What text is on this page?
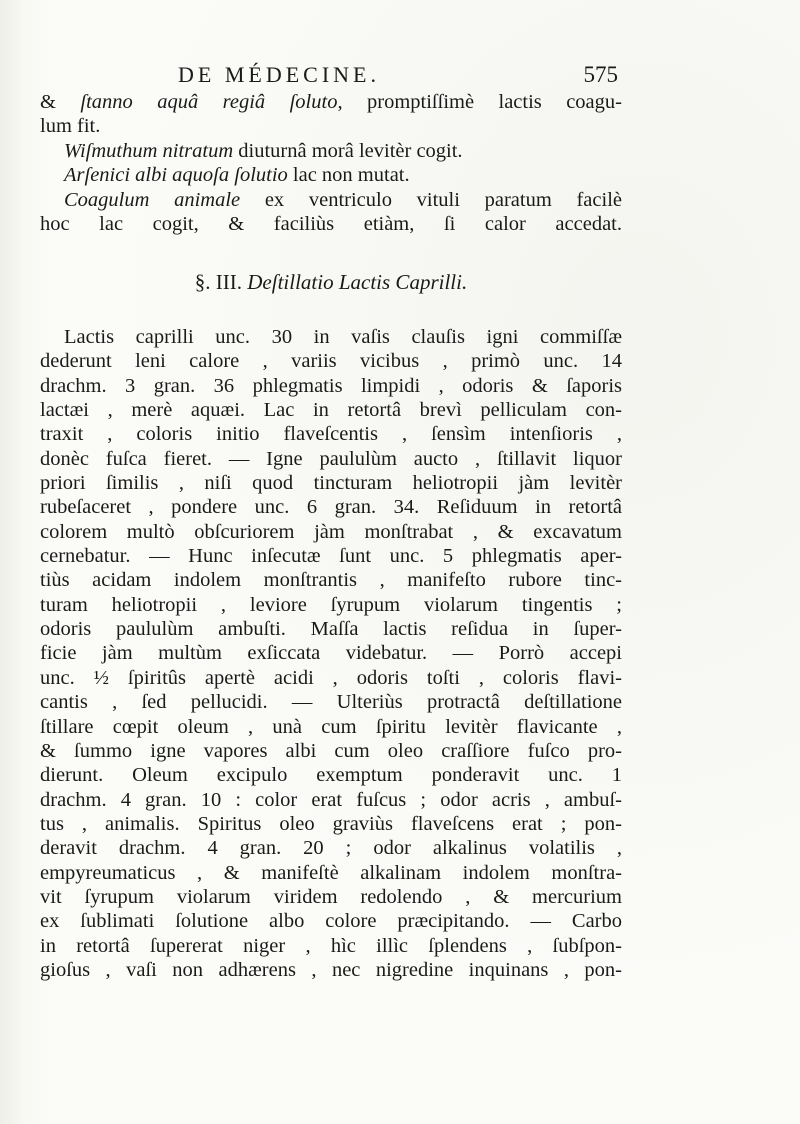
DE MÉDECINE.	575
& ſtanno aquâ regiâ ſoluto, promptiſſimè lactis coagu-
lum fit.
Wiſmuthum nitratum diuturnâ morâ levitèr cogit.
Arſenici albi aquoſa ſolutio lac non mutat.
Coagulum animale ex ventriculo vituli paratum facilè
hoc lac cogit, & faciliùs etiàm, ſi calor accedat.
§. III. Deſtillatio Lactis Caprilli.
Lactis caprilli unc. 30 in vaſis clauſis igni commiſſæ
dederunt leni calore , variis vicibus , primò unc. 14
drachm. 3 gran. 36 phlegmatis limpidi , odoris & ſaporis
lactæi , merè aquæi. Lac in retortâ brevì pelliculam con-
traxit , coloris initio flaveſcentis , ſensìm intenſioris ,
donèc fuſca fieret. — Igne paululùm aucto , ſtillavit liquor
priori ſimilis , niſi quod tincturam heliotropii jàm levitèr
rubeſaceret , pondere unc. 6 gran. 34. Reſiduum in retortâ
colorem multò obſcuriorem jàm monſtrabat , & excavatum
cernebatur. — Hunc inſecutæ ſunt unc. 5 phlegmatis aper-
tiùs acidam indolem monſtrantis , manifeſto rubore tinc-
turam heliotropii , leviore ſyrupum violarum tingentis ;
odoris paululùm ambuſti. Maſſa lactis reſidua in ſuper-
ficie jàm multùm exſiccata videbatur. — Porrò accepi
unc. ½ ſpiritûs apertè acidi , odoris toſti , coloris flavi-
cantis , ſed pellucidi. — Ulteriùs protractâ deſtillatione
ſtillare cœpit oleum , unà cum ſpiritu levitèr flavicante ,
& ſummo igne vapores albi cum oleo craſſiore fuſco pro-
dierunt. Oleum excipulo exemptum ponderavit unc. 1
drachm. 4 gran. 10 : color erat fuſcus ; odor acris , ambuſ-
tus , animalis. Spiritus oleo graviùs flaveſcens erat ; pon-
deravit drachm. 4 gran. 20 ; odor alkalinus volatilis ,
empyreumaticus , & manifeſtè alkalinam indolem monſtra-
vit ſyrupum violarum viridem redolendo , & mercurium
ex ſublimati ſolutione albo colore præcipitando. — Carbo
in retortâ ſupererat niger , hìc illìc ſplendens , ſubſpon-
gioſus , vaſi non adhærens , nec nigredine inquinans , pon-
